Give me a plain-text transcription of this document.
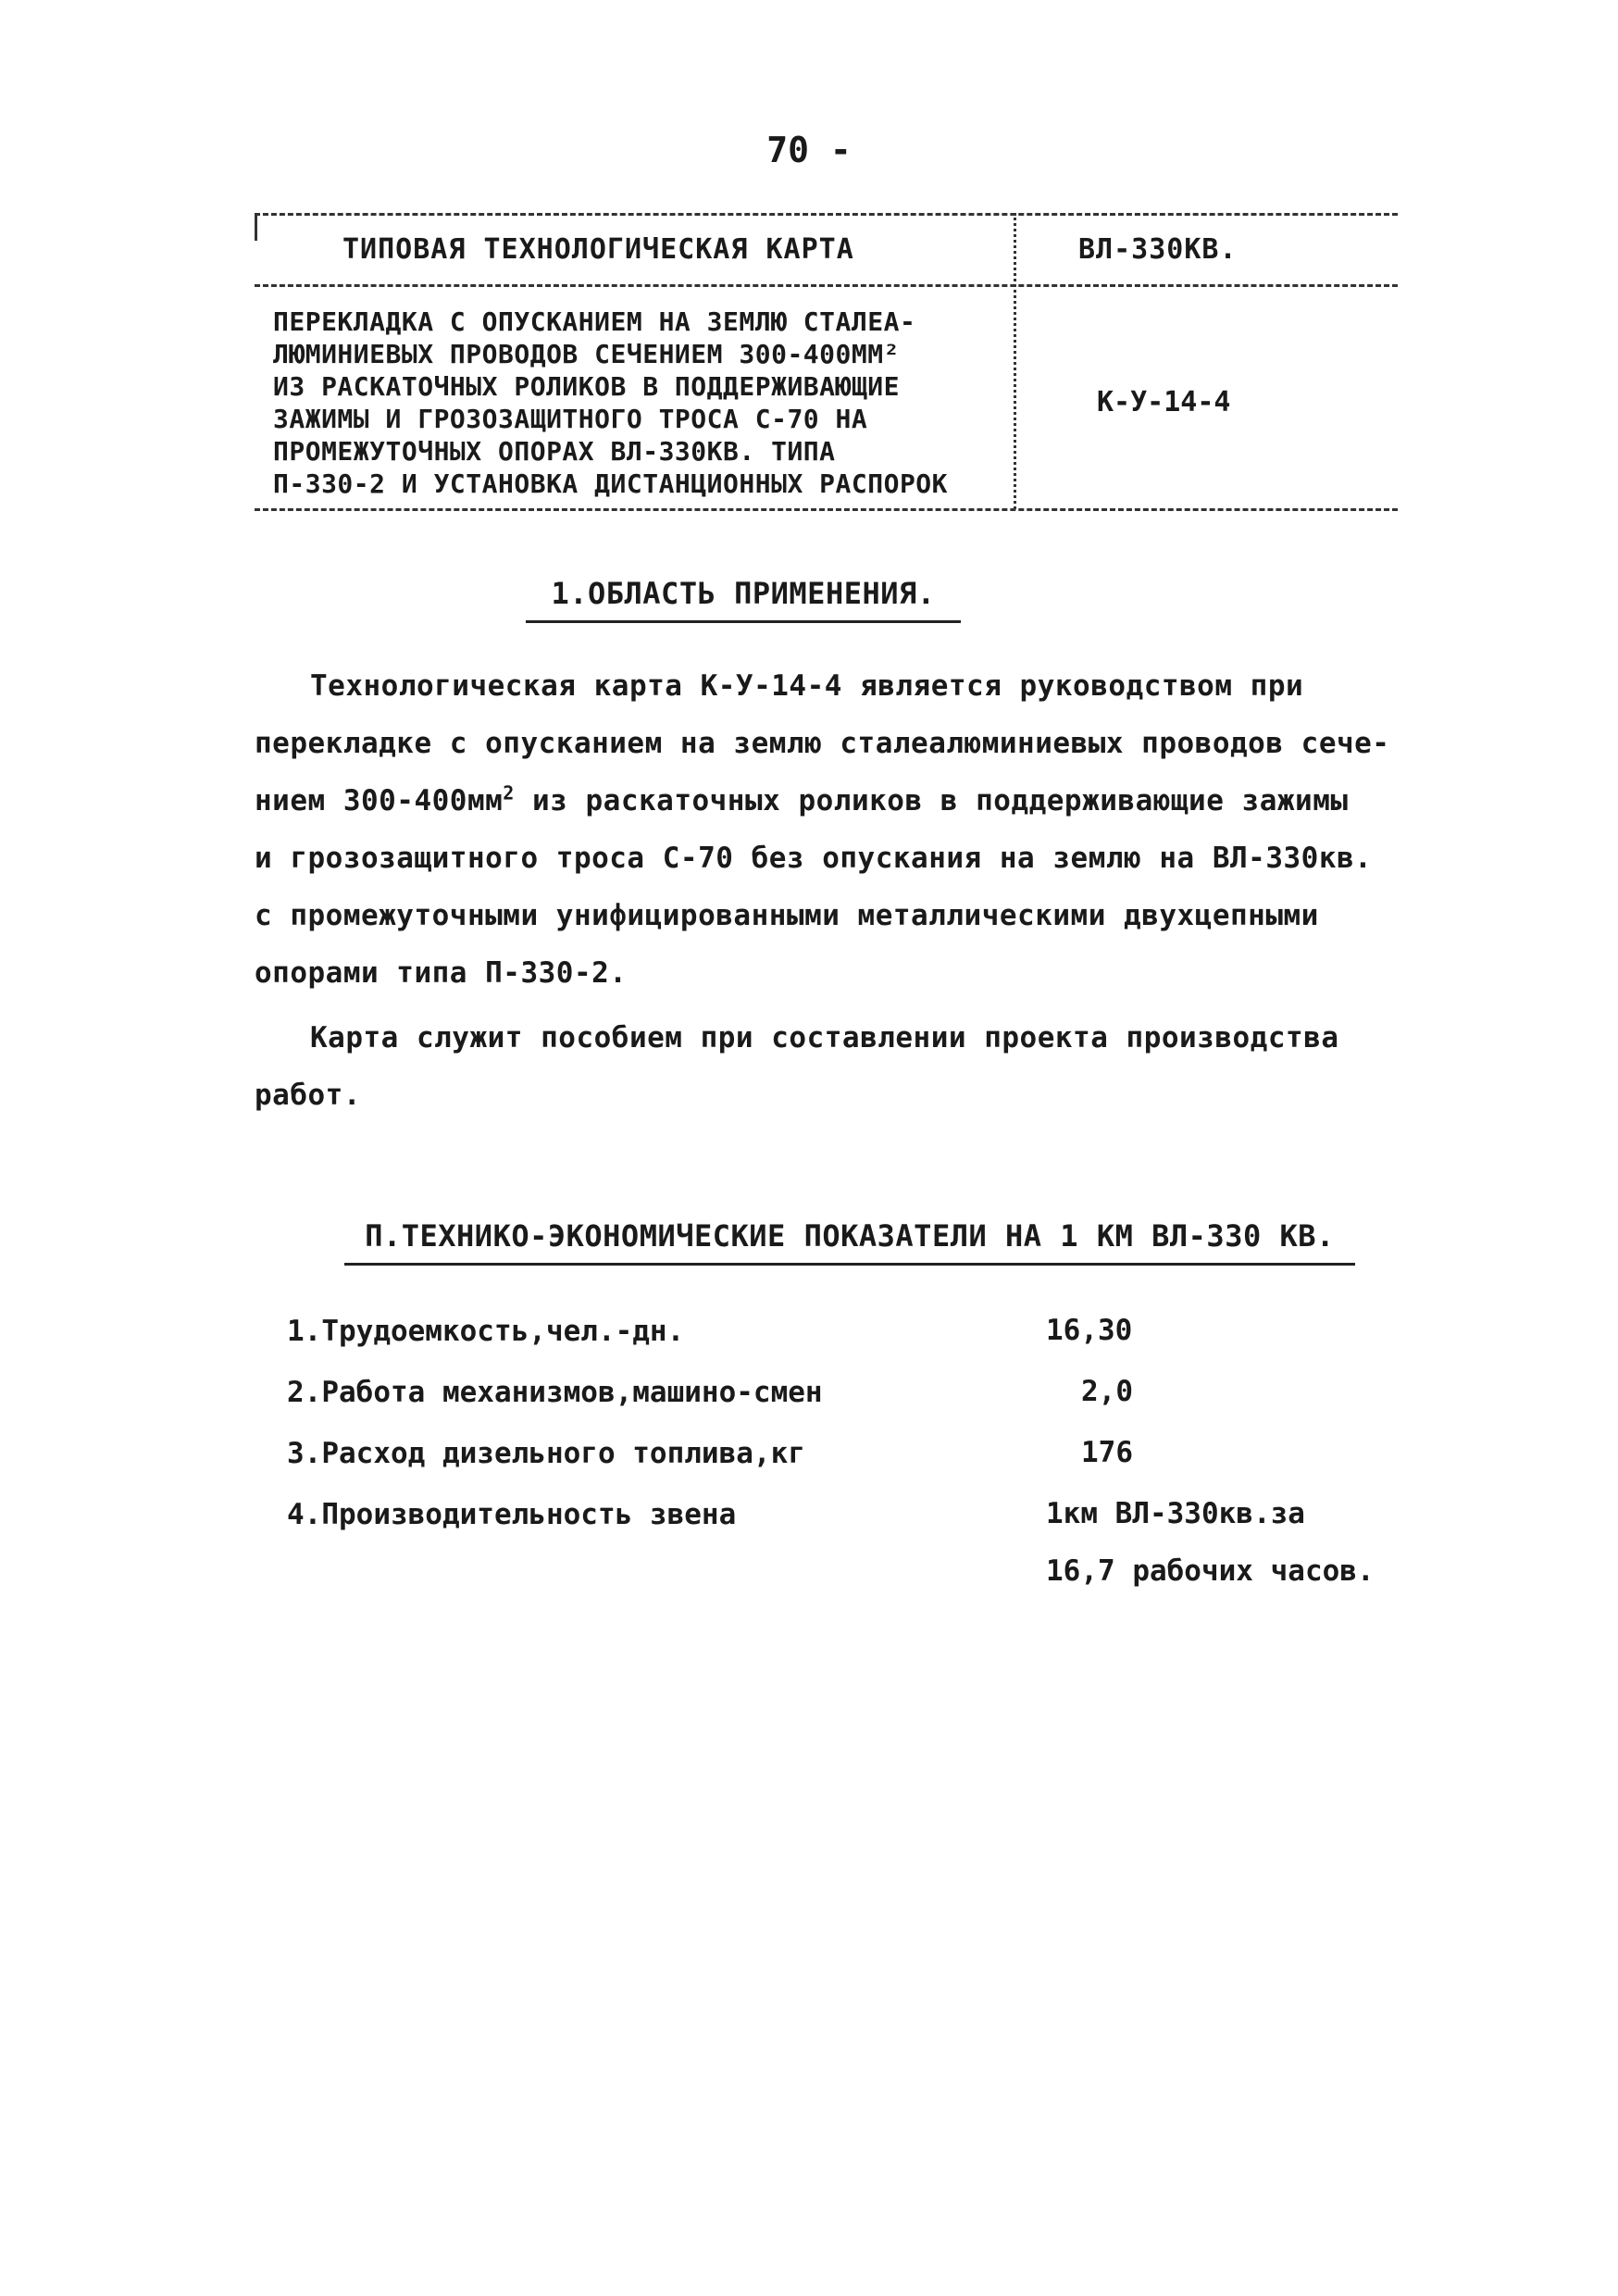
70 -
ТИПОВАЯ ТЕХНОЛОГИЧЕСКАЯ КАРТА	ВЛ-330КВ.
ПЕРЕКЛАДКА С ОПУСКАНИЕМ НА ЗЕМЛЮ СТАЛЕА-
ЛЮМИНИЕВЫХ ПРОВОДОВ СЕЧЕНИЕМ 300-400ММ²
ИЗ РАСКАТОЧНЫХ РОЛИКОВ В ПОДДЕРЖИВАЮЩИЕ
ЗАЖИМЫ И ГРОЗОЗАЩИТНОГО ТРОСА С-70 НА
ПРОМЕЖУТОЧНЫХ ОПОРАХ ВЛ-330КВ. ТИПА
П-330-2 И УСТАНОВКА ДИСТАНЦИОННЫХ РАСПОРОК
К-У-14-4
1.ОБЛАСТЬ ПРИМЕНЕНИЯ.
Технологическая карта К-У-14-4 является руководством при
перекладке с опусканием на землю сталеалюминиевых проводов сече-
нием $300-400мм^2$ из раскаточных роликов в поддерживающие зажимы
и грозозащитного троса С-70 без опускания на землю на ВЛ-330кв.
с промежуточными унифицированными металлическими двухцепными
опорами типа П-330-2.
Карта служит пособием при составлении проекта производства
работ.
П.ТЕХНИКО-ЭКОНОМИЧЕСКИЕ ПОКАЗАТЕЛИ НА 1 КМ ВЛ-330 КВ.
1.Трудоемкость,чел.-дн.	16,30
2.Работа механизмов,машино-смен	2,0
3.Расход дизельного топлива,кг	176
4.Производительность звена	1км ВЛ-330кв.за
16,7 рабочих часов.
